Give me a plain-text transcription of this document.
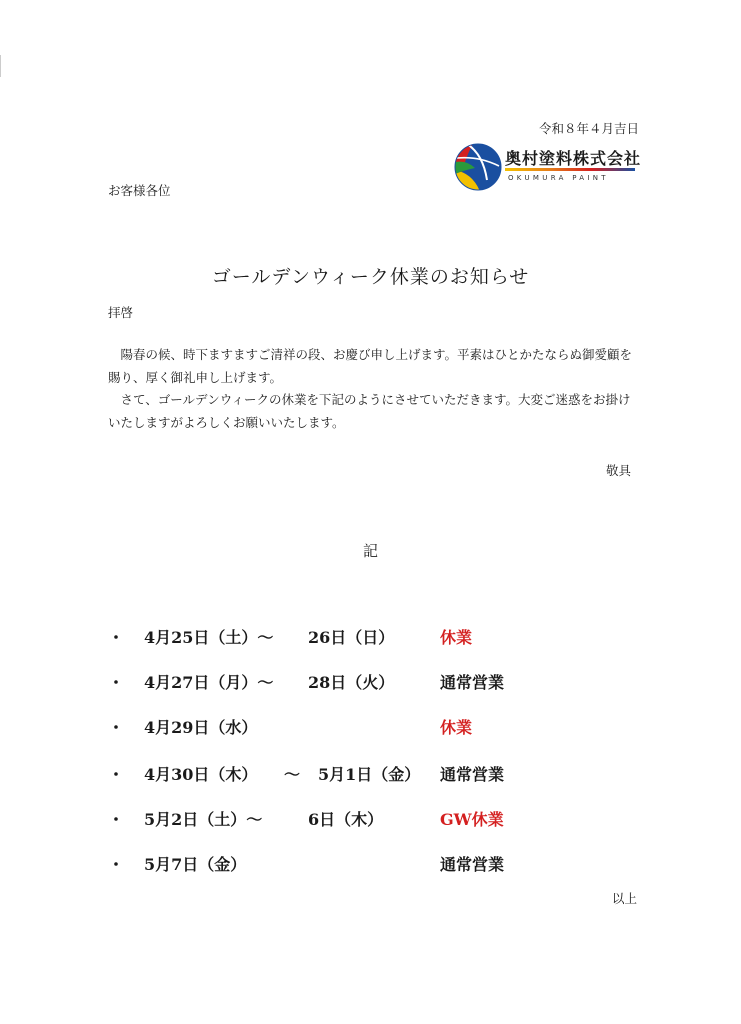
令和８年４月吉日
奥村塗料株式会社
OKUMURA PAINT
お客様各位
ゴールデンウィーク休業のお知らせ
拝啓

陽春の候、時下ますますご清祥の段、お慶び申し上げます。平素はひとかたならぬ御愛顧を賜り、厚く御礼申し上げます。

さて、ゴールデンウィークの休業を下記のようにさせていただきます。大変ご迷惑をお掛けいたしますがよろしくお願いいたします。

敬具
記
・ 4月25日（土）～ 26日（日）	休業
・ 4月27日（月）～ 28日（火）	通常営業
・ 4月29日（水）	休業
・ 4月30日（木） ～ 5月1日（金） 通常営業
・ 5月2日（土）～	6日（木）	GW休業
・ 5月7日（金）	通常営業
以上
